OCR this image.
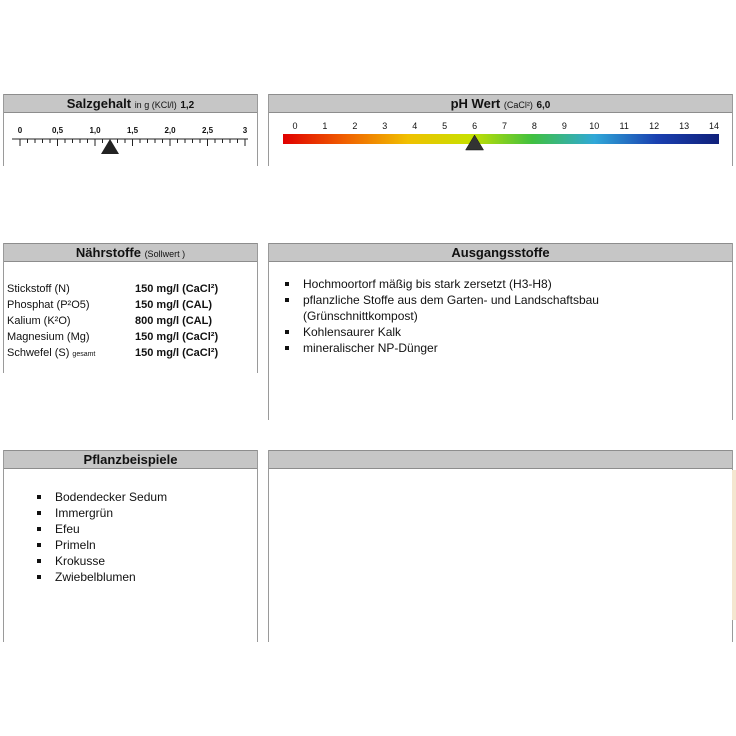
Salzgehalt in g (KCl/l) 1,2
0	0,5	1,0	1,5	2,0	2,5	3
pH Wert (CaCl²) 6,0
0	1	2	3	4	5	6	7	8	9 10 11 12 13 14
Nährstoffe (Sollwert )
Stickstoff (N)	150 mg/l (CaCl²)
Phosphat (P²O5)	150 mg/l (CAL)
Kalium (K²O)	800 mg/l (CAL)
Magnesium (Mg)	150 mg/l (CaCl²)
Schwefel (S) gesamt	150 mg/l (CaCl²)
Ausgangsstoffe
Hochmoortorf mäßig bis stark zersetzt (H3-H8)
pflanzliche Stoffe aus dem Garten- und Landschaftsbau
(Grünschnittkompost)
Kohlensaurer Kalk
mineralischer NP-Dünger
Pflanzbeispiele
Bodendecker Sedum
Immergrün
Efeu
Primeln
Krokusse
Zwiebelblumen
